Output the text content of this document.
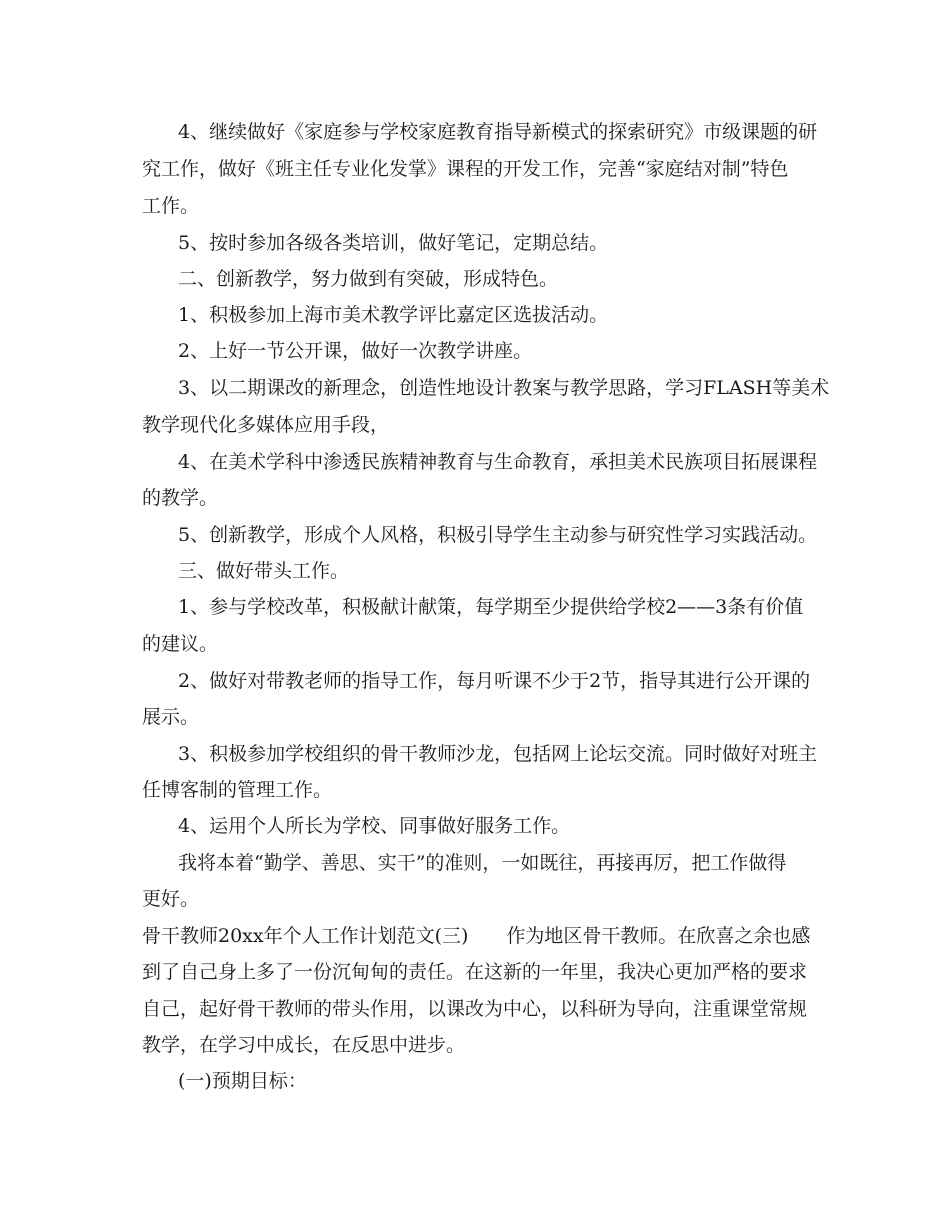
4、继续做好《家庭参与学校家庭教育指导新模式的探索研究》市级课题的研
究工作，做好《班主任专业化发掌》课程的开发工作，完善“家庭结对制”特色
工作。
5、按时参加各级各类培训，做好笔记，定期总结。
二、创新教学，努力做到有突破，形成特色。
1、积极参加上海市美术教学评比嘉定区选拔活动。
2、上好一节公开课，做好一次教学讲座。
3、以二期课改的新理念，创造性地设计教案与教学思路，学习FLASH等美术
教学现代化多媒体应用手段，
4、在美术学科中渗透民族精神教育与生命教育，承担美术民族项目拓展课程
的教学。
5、创新教学，形成个人风格，积极引导学生主动参与研究性学习实践活动。
三、做好带头工作。
1、参与学校改革，积极献计献策，每学期至少提供给学校2——3条有价值
的建议。
2、做好对带教老师的指导工作，每月听课不少于2节，指导其进行公开课的
展示。
3、积极参加学校组织的骨干教师沙龙，包括网上论坛交流。同时做好对班主
任博客制的管理工作。
4、运用个人所长为学校、同事做好服务工作。
我将本着“勤学、善思、实干”的准则，一如既往，再接再厉，把工作做得
更好。
骨干教师20xx年个人工作计划范文(三)　　作为地区骨干教师。在欣喜之余也感
到了自己身上多了一份沉甸甸的责任。在这新的一年里，我决心更加严格的要求
自己，起好骨干教师的带头作用，以课改为中心，以科研为导向，注重课堂常规
教学，在学习中成长，在反思中进步。
(一)预期目标：
